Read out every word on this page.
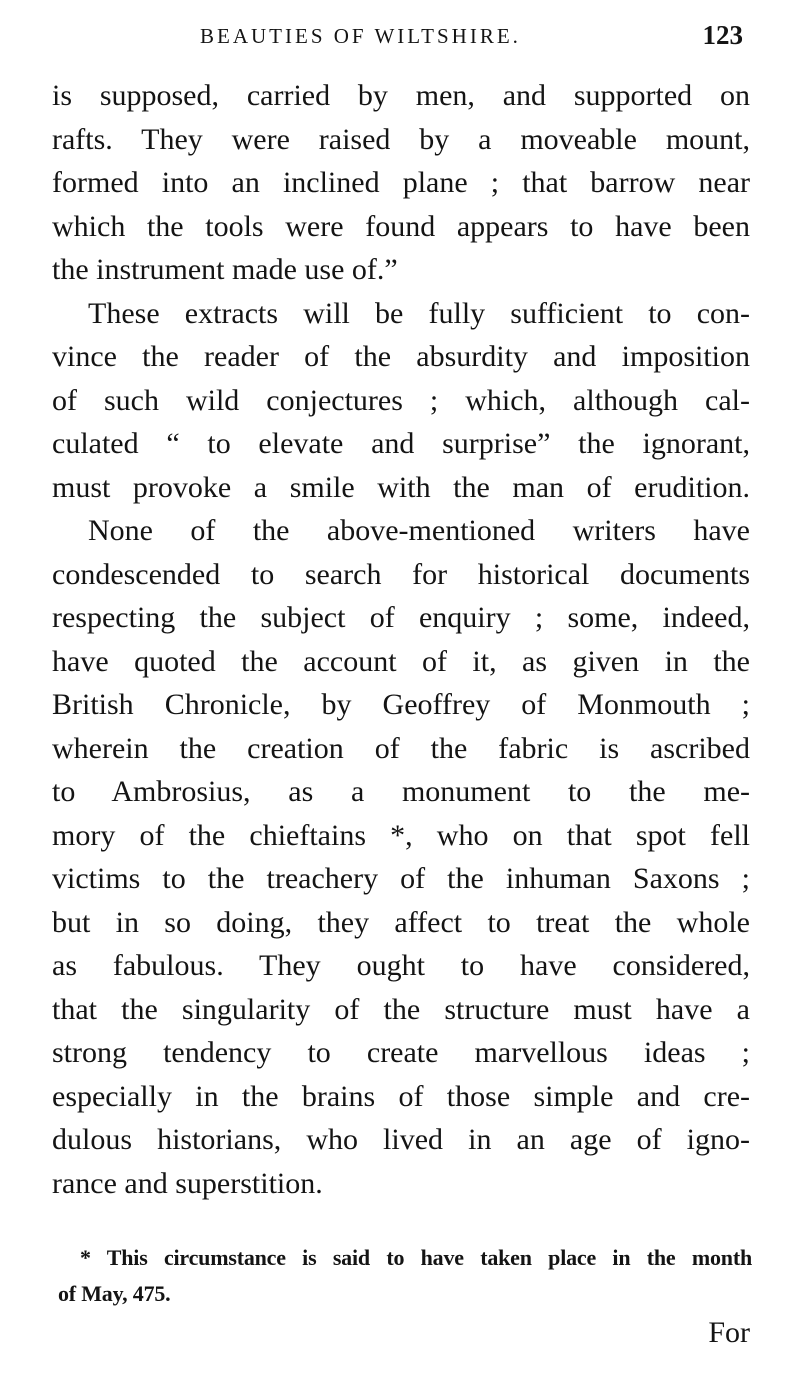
BEAUTIES OF WILTSHIRE.	123
is supposed, carried by men, and supported on
rafts. They were raised by a moveable mount,
formed into an inclined plane ; that barrow near
which the tools were found appears to have been
the instrument made use of.”
These extracts will be fully sufficient to con-
vince the reader of the absurdity and imposition
of such wild conjectures ; which, although cal-
culated “ to elevate and surprise” the ignorant,
must provoke a smile with the man of erudition.
None of the above-mentioned writers have
condescended to search for historical documents
respecting the subject of enquiry ; some, indeed,
have quoted the account of it, as given in the
British Chronicle, by Geoffrey of Monmouth ;
wherein the creation of the fabric is ascribed
to Ambrosius, as a monument to the me-
mory of the chieftains *, who on that spot fell
victims to the treachery of the inhuman Saxons ;
but in so doing, they affect to treat the whole
as fabulous. They ought to have considered,
that the singularity of the structure must have a
strong tendency to create marvellous ideas ;
especially in the brains of those simple and cre-
dulous historians, who lived in an age of igno-
rance and superstition.
* This circumstance is said to have taken place in the month
of May, 475.
For
